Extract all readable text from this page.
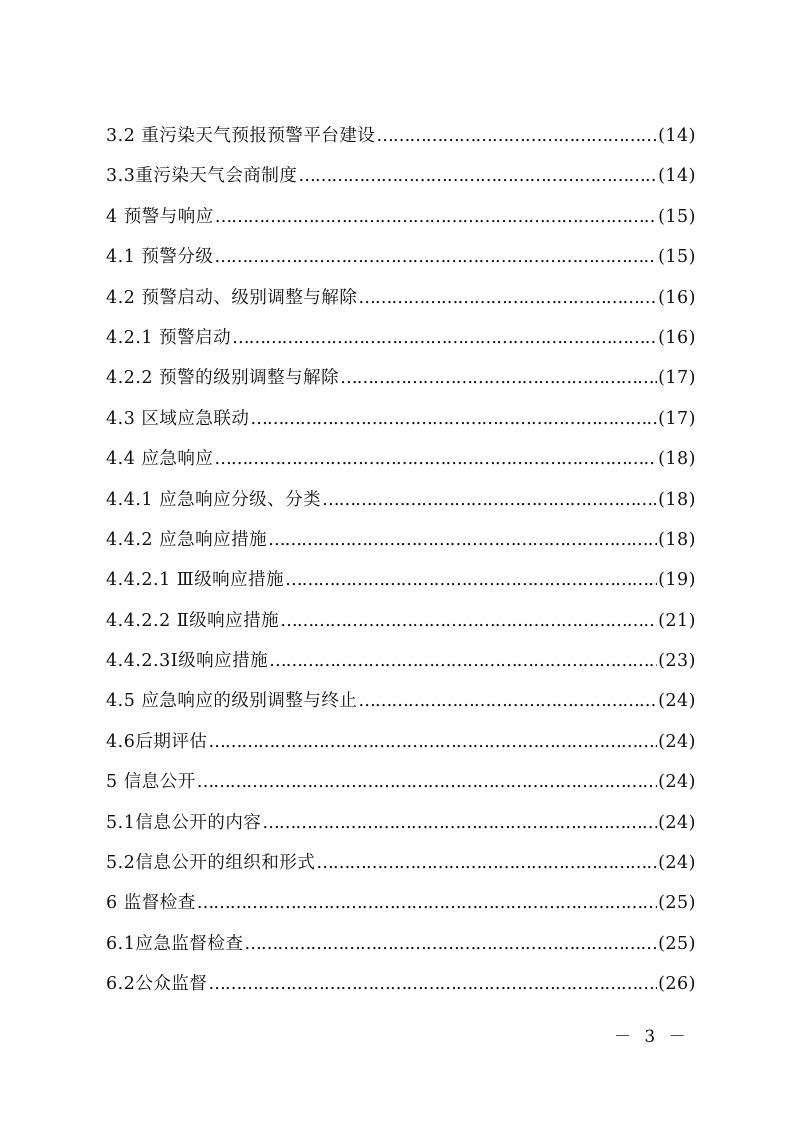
3.2 重污染天气预报预警平台建设 ……………………………………………………………………………………………………………………………………………………	(14)
3.3重污染天气会商制度 ……………………………………………………………………………………………………………………………………………………	(14)
4 预警与响应 ……………………………………………………………………………………………………………………………………………………	(15)
4.1 预警分级 ……………………………………………………………………………………………………………………………………………………	(15)
4.2 预警启动、级别调整与解除 ……………………………………………………………………………………………………………………………………………………	(16)
4.2.1 预警启动 ……………………………………………………………………………………………………………………………………………………	(16)
4.2.2 预警的级别调整与解除 ……………………………………………………………………………………………………………………………………………………	(17)
4.3 区域应急联动 ……………………………………………………………………………………………………………………………………………………	(17)
4.4 应急响应 ……………………………………………………………………………………………………………………………………………………	(18)
4.4.1 应急响应分级、分类 ……………………………………………………………………………………………………………………………………………………	(18)
4.4.2 应急响应措施 ……………………………………………………………………………………………………………………………………………………	(18)
4.4.2.1 Ⅲ级响应措施 ……………………………………………………………………………………………………………………………………………………	(19)
4.4.2.2 Ⅱ级响应措施 ……………………………………………………………………………………………………………………………………………………	(21)
4.4.2.3Ⅰ级响应措施 ……………………………………………………………………………………………………………………………………………………	(23)
4.5 应急响应的级别调整与终止 ……………………………………………………………………………………………………………………………………………………	(24)
4.6后期评估 ……………………………………………………………………………………………………………………………………………………	(24)
5 信息公开 ……………………………………………………………………………………………………………………………………………………	(24)
5.1信息公开的内容 ……………………………………………………………………………………………………………………………………………………	(24)
5.2信息公开的组织和形式 ……………………………………………………………………………………………………………………………………………………	(24)
6 监督检查 ……………………………………………………………………………………………………………………………………………………	(25)
6.1应急监督检查 ……………………………………………………………………………………………………………………………………………………	(25)
6.2公众监督 ……………………………………………………………………………………………………………………………………………………	(26)
－ 3 －
